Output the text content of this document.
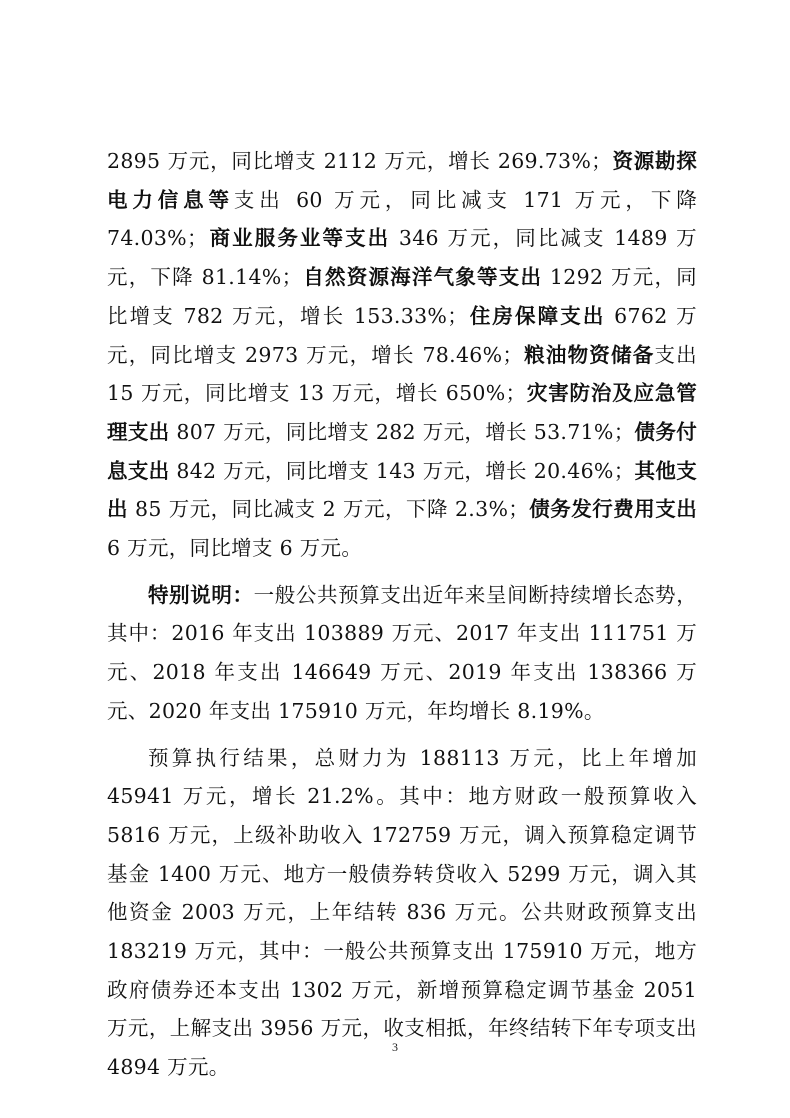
2895 万元，同比增支 2112 万元，增长 269.73%；资源勘探电力信息等支出 60 万元，同比减支 171 万元，下降 74.03%；商业服务业等支出 346 万元，同比减支 1489 万元，下降 81.14%；自然资源海洋气象等支出 1292 万元，同比增支 782 万元，增长 153.33%；住房保障支出 6762 万元，同比增支 2973 万元，增长 78.46%；粮油物资储备支出 15 万元，同比增支 13 万元，增长 650%；灾害防治及应急管理支出 807 万元，同比增支 282 万元，增长 53.71%；债务付息支出 842 万元，同比增支 143 万元，增长 20.46%；其他支出 85 万元，同比减支 2 万元，下降 2.3%；债务发行费用支出 6 万元，同比增支 6 万元。

特别说明：一般公共预算支出近年来呈间断持续增长态势，其中：2016 年支出 103889 万元、2017 年支出 111751 万元、2018 年支出 146649 万元、2019 年支出 138366 万元、2020 年支出 175910 万元，年均增长 8.19%。

预算执行结果，总财力为 188113 万元，比上年增加 45941 万元，增长 21.2%。其中：地方财政一般预算收入 5816 万元，上级补助收入 172759 万元，调入预算稳定调节基金 1400 万元、地方一般债券转贷收入 5299 万元，调入其他资金 2003 万元，上年结转 836 万元。公共财政预算支出 183219 万元，其中：一般公共预算支出 175910 万元，地方政府债券还本支出 1302 万元，新增预算稳定调节基金 2051 万元，上解支出 3956 万元，收支相抵，年终结转下年专项支出 4894 万元。

3
